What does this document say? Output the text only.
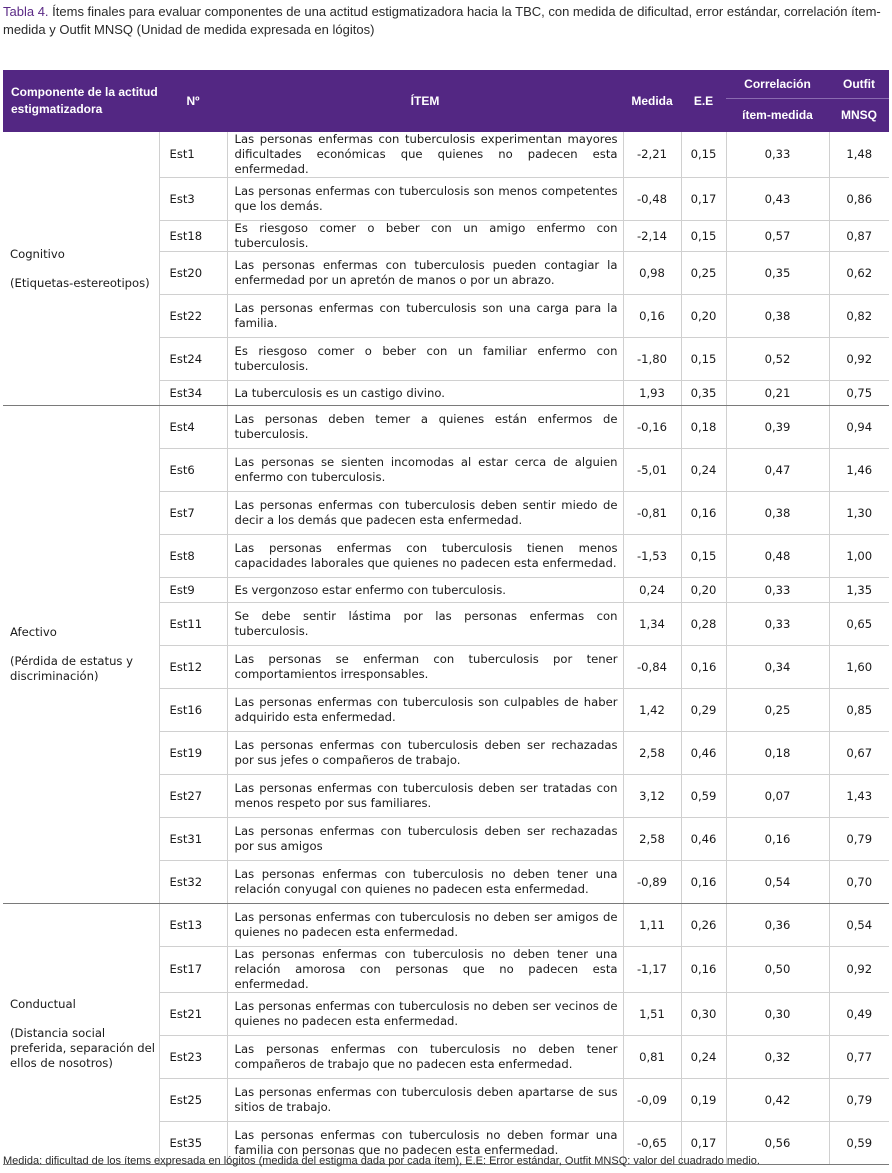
Tabla 4. Ítems finales para evaluar componentes de una actitud estigmatizadora hacia la TBC, con medida de dificultad, error estándar, correlación ítem-medida y Outfit MNSQ (Unidad de medida expresada en lógitos)
Componente de la actitud estigmatizadora	Nº	ÍTEM	Medida	E.E	Correlación	Outfit
					ítem-medida	MNSQ

Cognitivo
(Etiquetas-estereotipos)	Est1	Las personas enfermas con tuberculosis experimentan mayores dificultades económicas que quienes no padecen esta enfermedad.	-2,21	0,15	0,33	1,48
	Est3	Las personas enfermas con tuberculosis son menos competentes que los demás.	-0,48	0,17	0,43	0,86
	Est18	Es riesgoso comer o beber con un amigo enfermo con tuberculosis.	-2,14	0,15	0,57	0,87
	Est20	Las personas enfermas con tuberculosis pueden contagiar la enfermedad por un apretón de manos o por un abrazo.	0,98	0,25	0,35	0,62
	Est22	Las personas enfermas con tuberculosis son una carga para la familia.	0,16	0,20	0,38	0,82
	Est24	Es riesgoso comer o beber con un familiar enfermo con tuberculosis.	-1,80	0,15	0,52	0,92
	Est34	La tuberculosis es un castigo divino.	1,93	0,35	0,21	0,75

Afectivo
(Pérdida de estatus y discriminación)	Est4	Las personas deben temer a quienes están enfermos de tuberculosis.	-0,16	0,18	0,39	0,94
	Est6	Las personas se sienten incomodas al estar cerca de alguien enfermo con tuberculosis.	-5,01	0,24	0,47	1,46
	Est7	Las personas enfermas con tuberculosis deben sentir miedo de decir a los demás que padecen esta enfermedad.	-0,81	0,16	0,38	1,30
	Est8	Las personas enfermas con tuberculosis tienen menos capacidades laborales que quienes no padecen esta enfermedad.	-1,53	0,15	0,48	1,00
	Est9	Es vergonzoso estar enfermo con tuberculosis.	0,24	0,20	0,33	1,35
	Est11	Se debe sentir lástima por las personas enfermas con tuberculosis.	1,34	0,28	0,33	0,65
	Est12	Las personas se enferman con tuberculosis por tener comportamientos irresponsables.	-0,84	0,16	0,34	1,60
	Est16	Las personas enfermas con tuberculosis son culpables de haber adquirido esta enfermedad.	1,42	0,29	0,25	0,85
	Est19	Las personas enfermas con tuberculosis deben ser rechazadas por sus jefes o compañeros de trabajo.	2,58	0,46	0,18	0,67
	Est27	Las personas enfermas con tuberculosis deben ser tratadas con menos respeto por sus familiares.	3,12	0,59	0,07	1,43
	Est31	Las personas enfermas con tuberculosis deben ser rechazadas por sus amigos	2,58	0,46	0,16	0,79
	Est32	Las personas enfermas con tuberculosis no deben tener una relación conyugal con quienes no padecen esta enfermedad.	-0,89	0,16	0,54	0,70

Conductual
(Distancia social preferida, separación del ellos de nosotros)	Est13	Las personas enfermas con tuberculosis no deben ser amigos de quienes no padecen esta enfermedad.	1,11	0,26	0,36	0,54
	Est17	Las personas enfermas con tuberculosis no deben tener una relación amorosa con personas que no padecen esta enfermedad.	-1,17	0,16	0,50	0,92
	Est21	Las personas enfermas con tuberculosis no deben ser vecinos de quienes no padecen esta enfermedad.	1,51	0,30	0,30	0,49
	Est23	Las personas enfermas con tuberculosis no deben tener compañeros de trabajo que no padecen esta enfermedad.	0,81	0,24	0,32	0,77
	Est25	Las personas enfermas con tuberculosis deben apartarse de sus sitios de trabajo.	-0,09	0,19	0,42	0,79
	Est35	Las personas enfermas con tuberculosis no deben formar una familia con personas que no padecen esta enfermedad.	-0,65	0,17	0,56	0,59
Medida: dificultad de los ítems expresada en lógitos (medida del estigma dada por cada ítem), E.E: Error estándar, Outfit MNSQ: valor del cuadrado medio.
